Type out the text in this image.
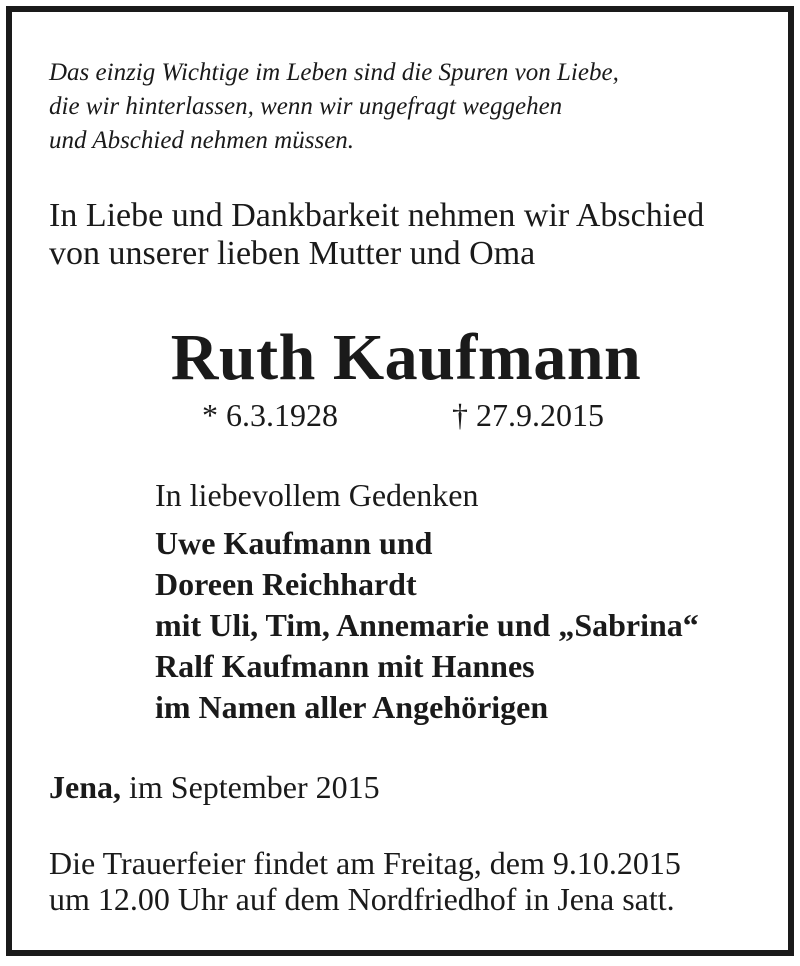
Das einzig Wichtige im Leben sind die Spuren von Liebe,
die wir hinterlassen, wenn wir ungefragt weggehen
und Abschied nehmen müssen.
In Liebe und Dankbarkeit nehmen wir Abschied
von unserer lieben Mutter und Oma
Ruth Kaufmann
* 6.3.1928	† 27.9.2015
In liebevollem Gedenken
Uwe Kaufmann und
Doreen Reichhardt
mit Uli, Tim, Annemarie und „Sabrina“
Ralf Kaufmann mit Hannes
im Namen aller Angehörigen
Jena, im September 2015
Die Trauerfeier findet am Freitag, dem 9.10.2015
um 12.00 Uhr auf dem Nordfriedhof in Jena satt.
